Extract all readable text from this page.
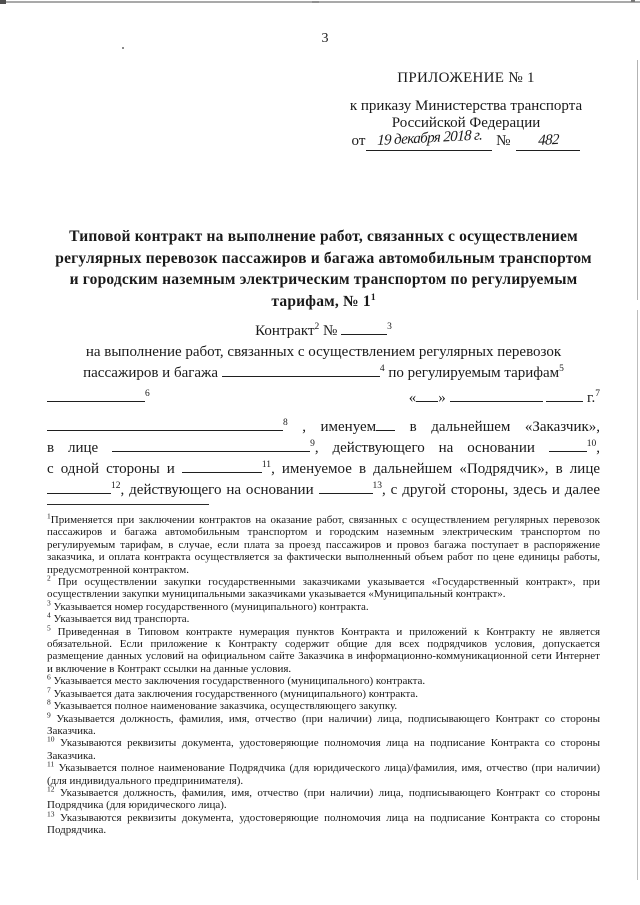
3
ПРИЛОЖЕНИЕ № 1
к приказу Министерства транспорта
Российской Федерации
от 19 декабря 2018 г. № 482
Типовой контракт на выполнение работ, связанных с осуществлением
регулярных перевозок пассажиров и багажа автомобильным транспортом
и городским наземным электрическим транспортом по регулируемым
тарифам, № $1^1$
Контракт$^2$ №	$^3$
на выполнение работ, связанных с осуществлением регулярных перевозок
пассажиров и багажа	$^4$ по регулируемым тарифам$^5$
$^6$	« »	г.$^7$
$^8$ , именуем в дальнейшем «Заказчик»,
в лице	$^9$, действующего на основании	$^{10}$,
с одной стороны и	$^{11}$, именуемое в дальнейшем «Подрядчик», в лице
$^{12}$, действующего на основании	$^{13}$, с другой стороны, здесь и далее
$^1$Применяется при заключении контрактов на оказание работ, связанных с осуществлением регулярных перевозок пассажиров и багажа автомобильным транспортом и городским наземным электрическим транспортом по регулируемым тарифам, в случае, если плата за проезд пассажиров и провоз багажа поступает в распоряжение заказчика, и оплата контракта осуществляется за фактически выполненный объем работ по цене единицы работы, предусмотренной контрактом.
$^2$ При осуществлении закупки государственными заказчиками указывается «Государственный контракт», при осуществлении закупки муниципальными заказчиками указывается «Муниципальный контракт».
$^3$ Указывается номер государственного (муниципального) контракта.
$^4$ Указывается вид транспорта.
$^5$ Приведенная в Типовом контракте нумерация пунктов Контракта и приложений к Контракту не является обязательной. Если приложение к Контракту содержит общие для всех подрядчиков условия, допускается размещение данных условий на официальном сайте Заказчика в информационно-коммуникационной сети Интернет и включение в Контракт ссылки на данные условия.
$^6$ Указывается место заключения государственного (муниципального) контракта.
$^7$ Указывается дата заключения государственного (муниципального) контракта.
$^8$ Указывается полное наименование заказчика, осуществляющего закупку.
$^9$ Указывается должность, фамилия, имя, отчество (при наличии) лица, подписывающего Контракт со стороны Заказчика.
$^{10}$ Указываются реквизиты документа, удостоверяющие полномочия лица на подписание Контракта со стороны Заказчика.
$^{11}$ Указывается полное наименование Подрядчика (для юридического лица)/фамилия, имя, отчество (при наличии) (для индивидуального предпринимателя).
$^{12}$ Указывается должность, фамилия, имя, отчество (при наличии) лица, подписывающего Контракт со стороны Подрядчика (для юридического лица).
$^{13}$ Указываются реквизиты документа, удостоверяющие полномочия лица на подписание Контракта со стороны Подрядчика.
